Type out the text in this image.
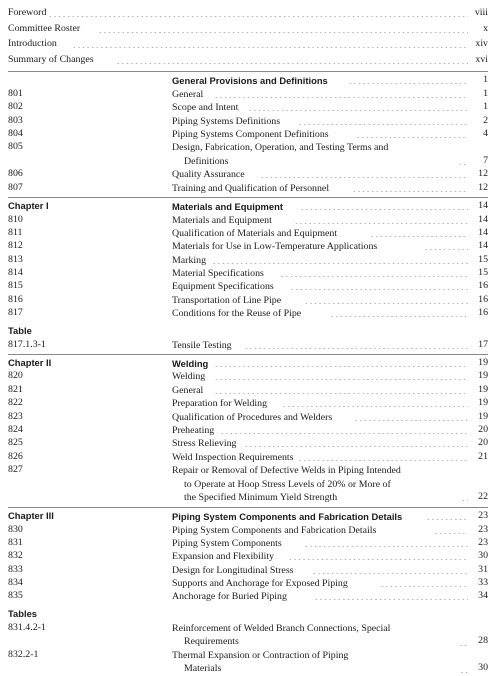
Foreword	viii
Committee Roster	x
Introduction	xiv
Summary of Changes	xvi
General Provisions and Definitions	1
801	General	1
802	Scope and Intent	1
803	Piping Systems Definitions	2
804	Piping Systems Component Definitions	4
805	Design, Fabrication, Operation, and Testing Terms and

Definitions	7
806	Quality Assurance	12
807	Training and Qualification of Personnel	12
Chapter I	Materials and Equipment	14
810	Materials and Equipment	14
811	Qualification of Materials and Equipment	14
812	Materials for Use in Low-Temperature Applications	14
813	Marking	15
814	Material Specifications	15
815	Equipment Specifications	16
816	Transportation of Line Pipe	16
817	Conditions for the Reuse of Pipe	16
Table
817.1.3-1	Tensile Testing	17
Chapter II	Welding	19
820	Welding	19
821	General	19
822	Preparation for Welding	19
823	Qualification of Procedures and Welders	19
824	Preheating	20
825	Stress Relieving	20
826	Weld Inspection Requirements	21
827	Repair or Removal of Defective Welds in Piping Intended

to Operate at Hoop Stress Levels of 20% or More of
the Specified Minimum Yield Strength	22
Chapter III	Piping System Components and Fabrication Details	23
830	Piping System Components and Fabrication Details	23
831	Piping System Components	23
832	Expansion and Flexibility	30
833	Design for Longitudinal Stress	31
834	Supports and Anchorage for Exposed Piping	33
835	Anchorage for Buried Piping	34
Tables
831.4.2-1	Reinforcement of Welded Branch Connections, Special

Requirements	28
832.2-1	Thermal Expansion or Contraction of Piping

Materials	30
